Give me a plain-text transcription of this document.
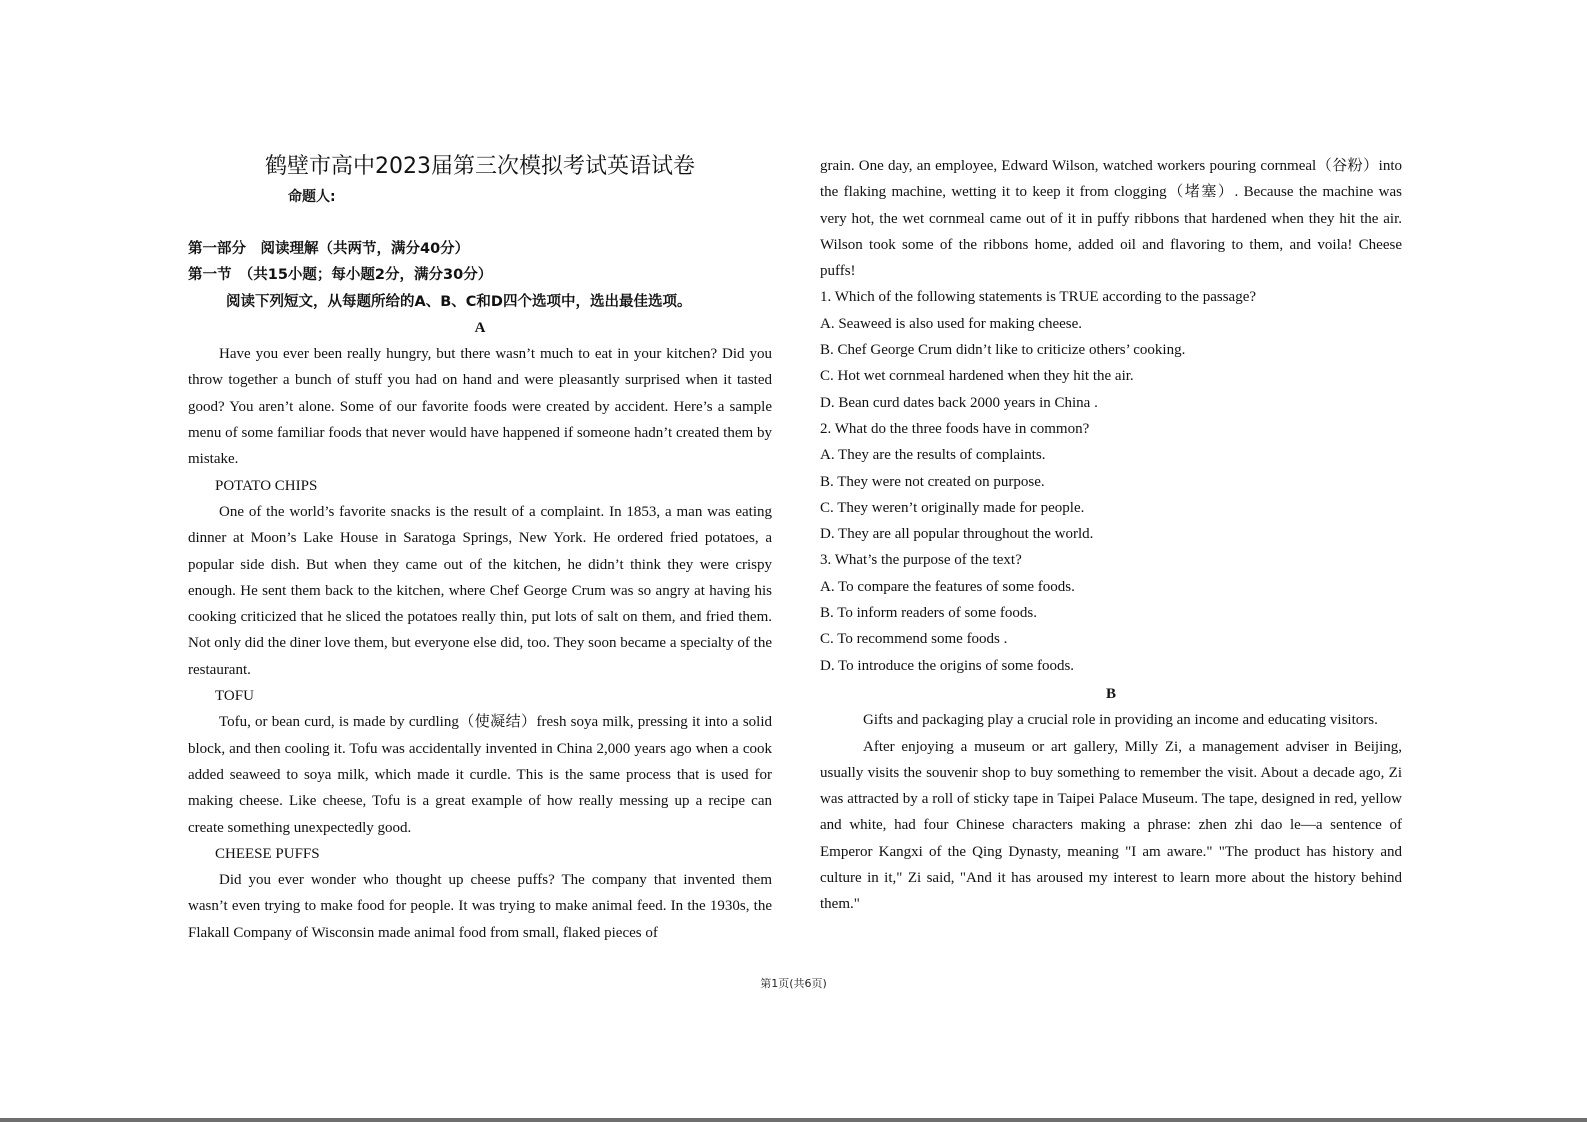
鹤壁市高中2023届第三次模拟考试英语试卷
命题人:
第一部分　阅读理解（共两节，满分40分）
第一节　（共15小题；每小题2分，满分30分）
阅读下列短文，从每题所给的A、B、C和D四个选项中，选出最佳选项。
A

Have you ever been really hungry, but there wasn’t much to eat in your kitchen? Did you throw together a bunch of stuff you had on hand and were pleasantly surprised when it tasted good? You aren’t alone. Some of our favorite foods were created by accident. Here’s a sample menu of some familiar foods that never would have happened if someone hadn’t created them by mistake.

POTATO CHIPS

One of the world’s favorite snacks is the result of a complaint. In 1853, a man was eating dinner at Moon’s Lake House in Saratoga Springs, New York. He ordered fried potatoes, a popular side dish. But when they came out of the kitchen, he didn’t think they were crispy enough. He sent them back to the kitchen, where Chef George Crum was so angry at having his cooking criticized that he sliced the potatoes really thin, put lots of salt on them, and fried them. Not only did the diner love them, but everyone else did, too. They soon became a specialty of the restaurant.

TOFU

Tofu, or bean curd, is made by curdling（使凝结）fresh soya milk, pressing it into a solid block, and then cooling it. Tofu was accidentally invented in China 2,000 years ago when a cook added seaweed to soya milk, which made it curdle. This is the same process that is used for making cheese. Like cheese, Tofu is a great example of how really messing up a recipe can create something unexpectedly good.

CHEESE PUFFS

Did you ever wonder who thought up cheese puffs? The company that invented them wasn’t even trying to make food for people. It was trying to make animal feed. In the 1930s, the Flakall Company of Wisconsin made animal food from small, flaked pieces of

grain. One day, an employee, Edward Wilson, watched workers pouring cornmeal（谷粉）into the flaking machine, wetting it to keep it from clogging（堵塞）. Because the machine was very hot, the wet cornmeal came out of it in puffy ribbons that hardened when they hit the air. Wilson took some of the ribbons home, added oil and flavoring to them, and voila! Cheese puffs!

1. Which of the following statements is TRUE according to the passage?

A. Seaweed is also used for making cheese.

B. Chef George Crum didn’t like to criticize others’ cooking.

C. Hot wet cornmeal hardened when they hit the air.

D. Bean curd dates back 2000 years in China .

2. What do the three foods have in common?

A. They are the results of complaints.

B. They were not created on purpose.

C. They weren’t originally made for people.

D. They are all popular throughout the world.

3. What’s the purpose of the text?

A. To compare the features of some foods.

B. To inform readers of some foods.

C. To recommend some foods .

D. To introduce the origins of some foods.

B

Gifts and packaging play a crucial role in providing an income and educating visitors.

After enjoying a museum or art gallery, Milly Zi, a management adviser in Beijing, usually visits the souvenir shop to buy something to remember the visit. About a decade ago, Zi was attracted by a roll of sticky tape in Taipei Palace Museum. The tape, designed in red, yellow and white, had four Chinese characters making a phrase: zhen zhi dao le—a sentence of Emperor Kangxi of the Qing Dynasty, meaning "I am aware." "The product has history and culture in it," Zi said, "And it has aroused my interest to learn more about the history behind them."

第1页(共6页)
